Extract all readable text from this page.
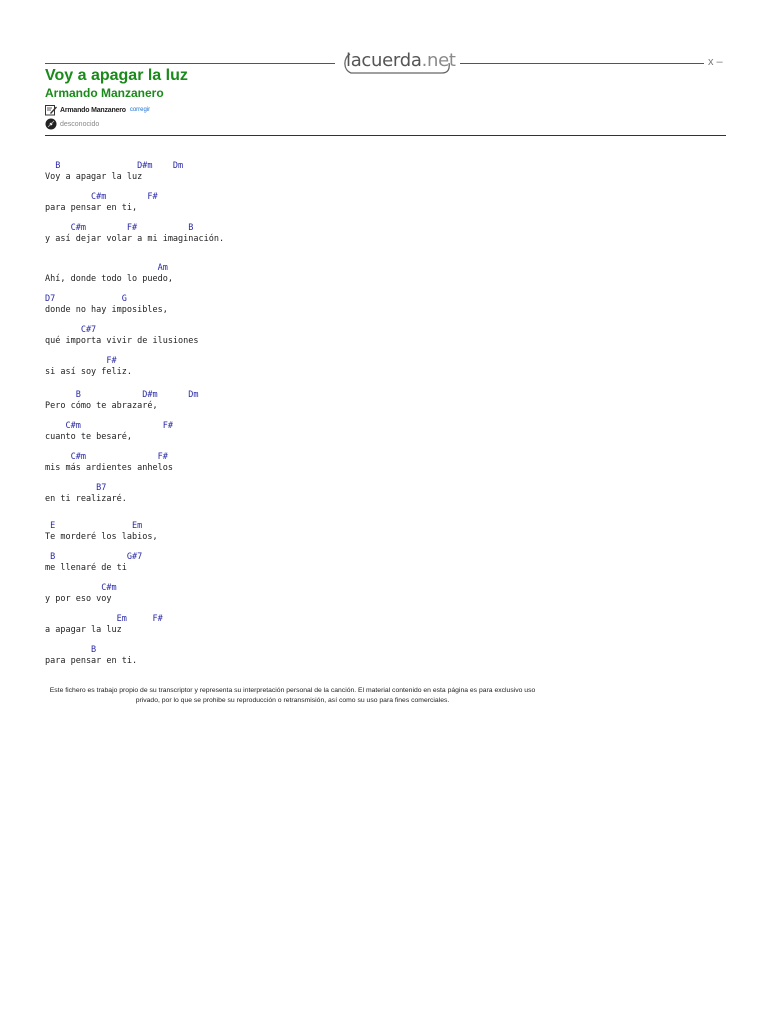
lacuerda.net	x –
Voy a apagar la luz
Armando Manzanero
Armando Manzanero corregir
desconocido
B               D#m    Dm
Voy a apagar la luz
C#m        F#
para pensar en ti,
C#m        F#          B
y así dejar volar a mi imaginación.
Am
Ahí, donde todo lo puedo,
D7             G
donde no hay imposibles,
C#7
qué importa vivir de ilusiones
F#
si así soy feliz.
B            D#m      Dm
Pero cómo te abrazaré,
C#m                F#
cuanto te besaré,
C#m              F#
mis más ardientes anhelos
B7
en ti realizaré.
E               Em
Te morderé los labios,
B              G#7
me llenaré de ti
C#m
y por eso voy
Em     F#
a apagar la luz
B
para pensar en ti.
Este fichero es trabajo propio de su transcriptor y representa su interpretación personal de la canción. El material contenido en esta página es para exclusivo uso privado, por lo que se prohibe su reproducción o retransmisión, así como su uso para fines comerciales.
